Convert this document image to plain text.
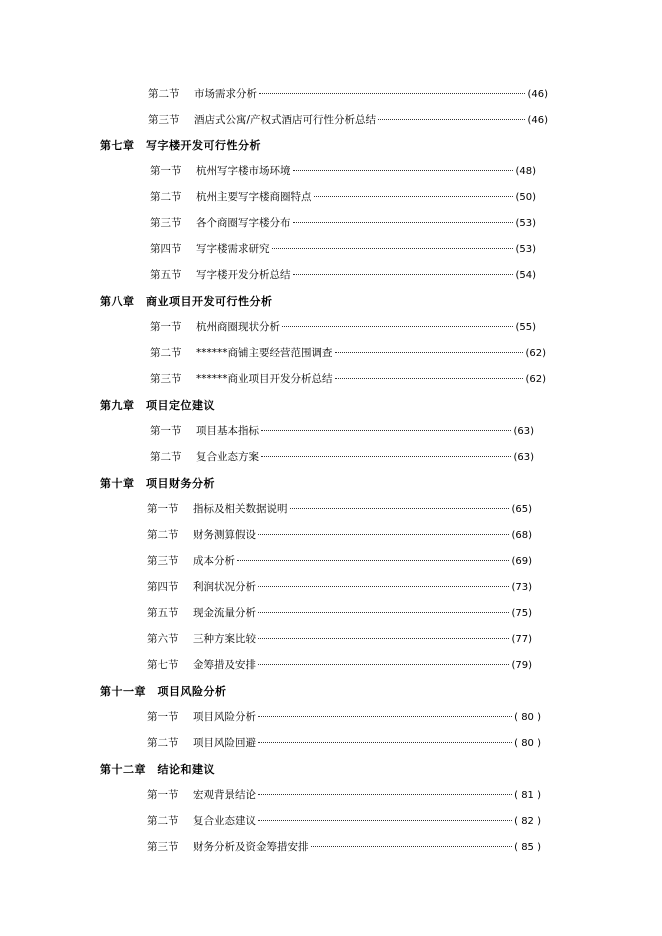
第二节	市场需求分析	(46)
第三节	酒店式公寓/产权式酒店可行性分析总结	(46)
第七章　写字楼开发可行性分析
第一节	杭州写字楼市场环境	(48)
第二节	杭州主要写字楼商圈特点	(50)
第三节	各个商圈写字楼分布	(53)
第四节	写字楼需求研究	(53)
第五节	写字楼开发分析总结	(54)
第八章　商业项目开发可行性分析
第一节	杭州商圈现状分析	(55)
第二节	******商铺主要经营范围调查	(62)
第三节	******商业项目开发分析总结	(62)
第九章　项目定位建议
第一节	项目基本指标	(63)
第二节	复合业态方案	(63)
第十章　项目财务分析
第一节	指标及相关数据说明	(65)
第二节	财务测算假设	(68)
第三节	成本分析	(69)
第四节	利润状况分析	(73)
第五节	现金流量分析	(75)
第六节	三种方案比较	(77)
第七节	金筹措及安排	(79)
第十一章　项目风险分析
第一节	项目风险分析	( 80 )
第二节	项目风险回避	( 80 )
第十二章　结论和建议
第一节	宏观背景结论	( 81 )
第二节	复合业态建议	( 82 )
第三节	财务分析及资金筹措安排	( 85 )
